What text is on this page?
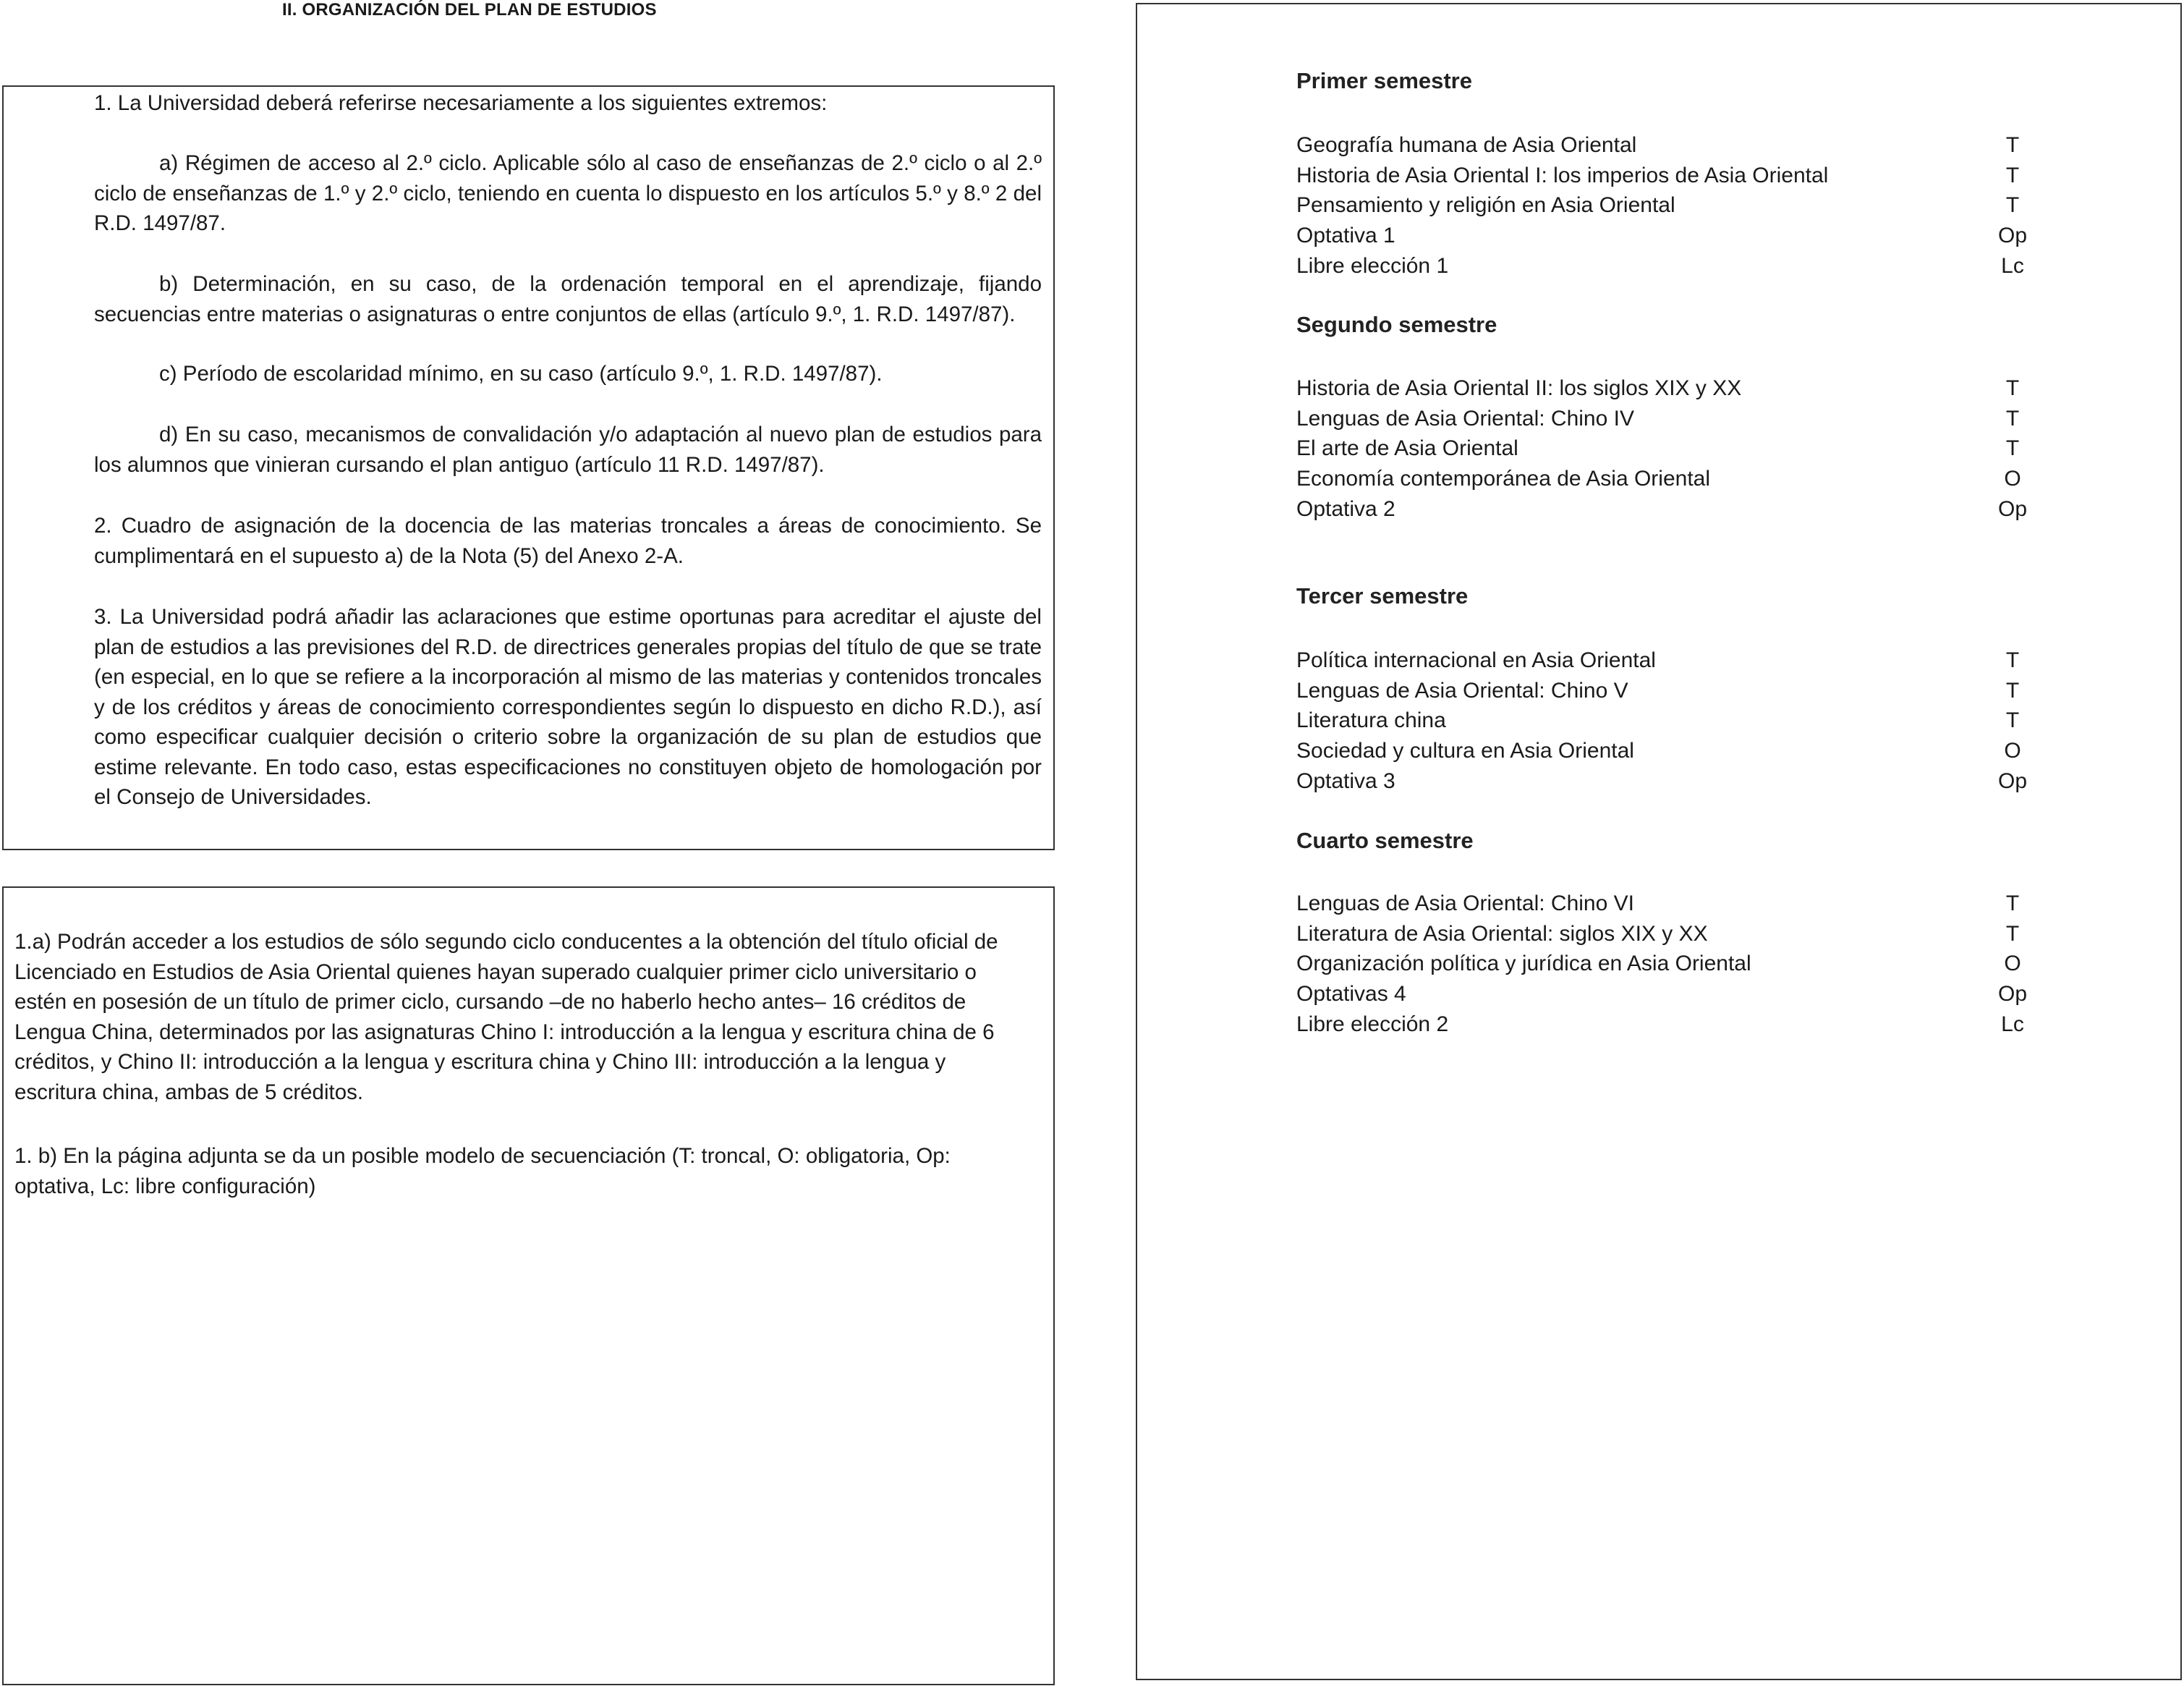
II. ORGANIZACIÓN DEL PLAN DE ESTUDIOS

1. La Universidad deberá referirse necesariamente a los siguientes extremos:

a) Régimen de acceso al 2.º ciclo. Aplicable sólo al caso de enseñanzas de 2.º ciclo o al 2.º ciclo de enseñanzas de 1.º y 2.º ciclo, teniendo en cuenta lo dispuesto en los artículos 5.º y 8.º 2 del R.D. 1497/87.

b) Determinación, en su caso, de la ordenación temporal en el aprendizaje, fijando secuencias entre materias o asignaturas o entre conjuntos de ellas (artículo 9.º, 1. R.D. 1497/87).

c) Período de escolaridad mínimo, en su caso (artículo 9.º, 1. R.D. 1497/87).

d) En su caso, mecanismos de convalidación y/o adaptación al nuevo plan de estudios para los alumnos que vinieran cursando el plan antiguo (artículo 11 R.D. 1497/87).

2. Cuadro de asignación de la docencia de las materias troncales a áreas de conocimiento. Se cumplimentará en el supuesto a) de la Nota (5) del Anexo 2-A.

3. La Universidad podrá añadir las aclaraciones que estime oportunas para acreditar el ajuste del plan de estudios a las previsiones del R.D. de directrices generales propias del título de que se trate (en especial, en lo que se refiere a la incorporación al mismo de las materias y contenidos troncales y de los créditos y áreas de conocimiento correspondientes según lo dispuesto en dicho R.D.), así como especificar cualquier decisión o criterio sobre la organización de su plan de estudios que estime relevante. En todo caso, estas especificaciones no constituyen objeto de homologación por el Consejo de Universidades.

1.a) Podrán acceder a los estudios de sólo segundo ciclo conducentes a la obtención del título oficial de Licenciado en Estudios de Asia Oriental quienes hayan superado cualquier primer ciclo universitario o estén en posesión de un título de primer ciclo, cursando –de no haberlo hecho antes– 16 créditos de Lengua China, determinados por las asignaturas Chino I: introducción a la lengua y escritura china de 6 créditos, y Chino II: introducción a la lengua y escritura china y Chino III: introducción a la lengua y escritura china, ambas de 5 créditos.

1. b) En la página adjunta se da un posible modelo de secuenciación (T: troncal, O: obligatoria, Op: optativa, Lc: libre configuración)

Primer semestre
Geografía humana de Asia Oriental	T
Historia de Asia Oriental I: los imperios de Asia Oriental	T
Pensamiento y religión en Asia Oriental	T
Optativa 1	Op
Libre elección 1	Lc
Segundo semestre
Historia de Asia Oriental II: los siglos XIX y XX	T
Lenguas de Asia Oriental: Chino IV	T
El arte de Asia Oriental	T
Economía contemporánea de Asia Oriental	O
Optativa 2	Op
Tercer semestre
Política internacional en Asia Oriental	T
Lenguas de Asia Oriental: Chino V	T
Literatura china	T
Sociedad y cultura en Asia Oriental	O
Optativa 3	Op
Cuarto semestre
Lenguas de Asia Oriental: Chino VI	T
Literatura de Asia Oriental: siglos XIX y XX	T
Organización política y jurídica en Asia Oriental	O
Optativas 4	Op
Libre elección 2	Lc
